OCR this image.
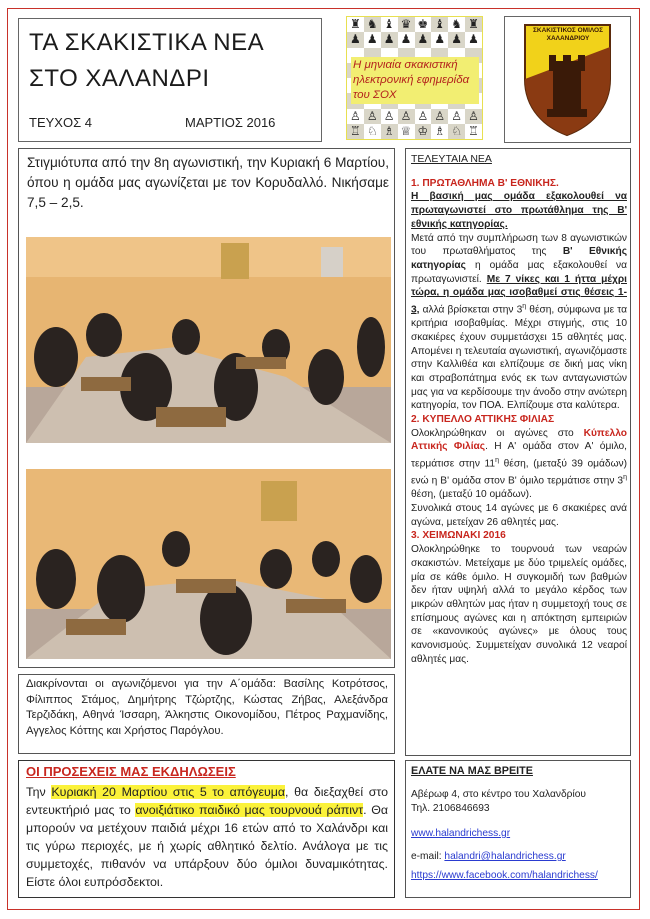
ΤΑ ΣΚΑΚΙΣΤΙΚΑ ΝΕΑ
ΣΤΟ ΧΑΛΑΝΔΡΙ
ΤΕΥΧΟΣ 4	ΜΑΡΤΙΟΣ 2016
♜ ♞ ♝ ♛ ♚ ♝ ♞ ♜
♟ ♟ ♟ ♟ ♟ ♟ ♟ ♟
♙ ♙ ♙ ♙ ♙ ♙ ♙ ♙
♖ ♘ ♗ ♕ ♔ ♗ ♘ ♖
Η μηνιαία σκακιστική ηλεκτρονική εφημερίδα του ΣΟΧ
ΣΚΑΚΙΣΤΙΚΟΣ ΟΜΙΛΟΣ ΧΑΛΑΝΔΡΙΟΥ

Στιγμιότυπα από την 8η αγωνιστική, την Κυριακή 6 Μαρτίου, όπου η ομάδα μας αγωνίζεται με τον Κορυδαλλό. Νικήσαμε 7,5 – 2,5.

Διακρίνονται οι αγωνιζόμενοι για την Α΄ομάδα: Βασίλης Κοτρότσος, Φίλιππος Στάμος, Δημήτρης Τζώρτζης, Κώστας Ζήβας, Αλεξάνδρα Τερζιδάκη, Αθηνά Ίσσαρη, Άλκηστις Οικονομίδου, Πέτρος Ραχμανίδης, Αγγελος Κόττης και Χρήστος Παρόγλου.

ΟΙ ΠΡΟΣΕΧΕΙΣ ΜΑΣ ΕΚΔΗΛΩΣΕΙΣ

Την Κυριακή 20 Μαρτίου στις 5 το απόγευμα, θα διεξαχθεί στο εντευκτήριό μας το ανοιξιάτικο παιδικό μας τουρνουά ράπιντ. Θα μπορούν να μετέχουν παιδιά μέχρι 16 ετών από το Χαλάνδρι και τις γύρω περιοχές, με ή χωρίς αθλητικό δελτίο. Ανάλογα με τις συμμετοχές, πιθανόν να υπάρξουν δύο όμιλοι δυναμικότητας. Είστε όλοι ευπρόσδεκτοι.

ΤΕΛΕΥΤΑΙΑ ΝΕΑ

1. ΠΡΩΤΑΘΛΗΜΑ Β' ΕΘΝΙΚΗΣ.

Η βασική μας ομάδα εξακολουθεί να πρωταγωνιστεί στο πρωτάθλημα της Β' εθνικής κατηγορίας.

Μετά από την συμπλήρωση των 8 αγωνιστικών του πρωταθλήματος της Β' Εθνικής κατηγορίας η ομάδα μας εξακολουθεί να πρωταγωνιστεί. Με 7 νίκες και 1 ήττα μέχρι τώρα, η ομάδα μας ισοβαθμεί στις θέσεις 1-3, αλλά βρίσκεται στην $3^\eta$ θέση, σύμφωνα με τα κριτήρια ισοβαθμίας. Μέχρι στιγμής, στις 10 σκακιέρες έχουν συμμετάσχει 15 αθλητές μας. Απομένει η τελευταία αγωνιστική, αγωνιζόμαστε στην Καλλιθέα και ελπίζουμε σε δική μας νίκη και στραβοπάτημα ενός εκ των ανταγωνιστών μας για να κερδίσουμε την άνοδο στην ανώτερη κατηγορία, τον ΠΟΑ. Ελπίζουμε στα καλύτερα.

2. ΚΥΠΕΛΛΟ ΑΤΤΙΚΗΣ ΦΙΛΙΑΣ

Ολοκληρώθηκαν οι αγώνες στο Κύπελλο Αττικής Φιλίας. Η Α' ομάδα στον Α' όμιλο, τερμάτισε στην $11^\eta$ θέση, (μεταξύ 39 ομάδων) ενώ η Β' ομάδα στον Β' όμιλο τερμάτισε στην $3^\eta$ θέση, (μεταξύ 10 ομάδων).

Συνολικά στους 14 αγώνες με 6 σκακιέρες ανά αγώνα, μετείχαν 26 αθλητές μας.

3. ΧΕΙΜΩΝΑΚΙ 2016

Ολοκληρώθηκε το τουρνουά των νεαρών σκακιστών. Μετείχαμε με δύο τριμελείς ομάδες, μία σε κάθε όμιλο. Η συγκομιδή των βαθμών δεν ήταν υψηλή αλλά το μεγάλο κέρδος των μικρών αθλητών μας ήταν η συμμετοχή τους σε επίσημους αγώνες και η απόκτηση εμπειριών σε «κανονικούς αγώνες» με όλους τους κανονισμούς. Συμμετείχαν συνολικά 12 νεαροί αθλητές μας.

ΕΛΑΤΕ ΝΑ ΜΑΣ ΒΡΕΙΤΕ
Αβέρωφ 4, στο κέντρο του Χαλανδρίου
Τηλ. 2106846693
www.halandrichess.gr
e-mail: halandri@halandrichess.gr
https://www.facebook.com/halandrichess/
